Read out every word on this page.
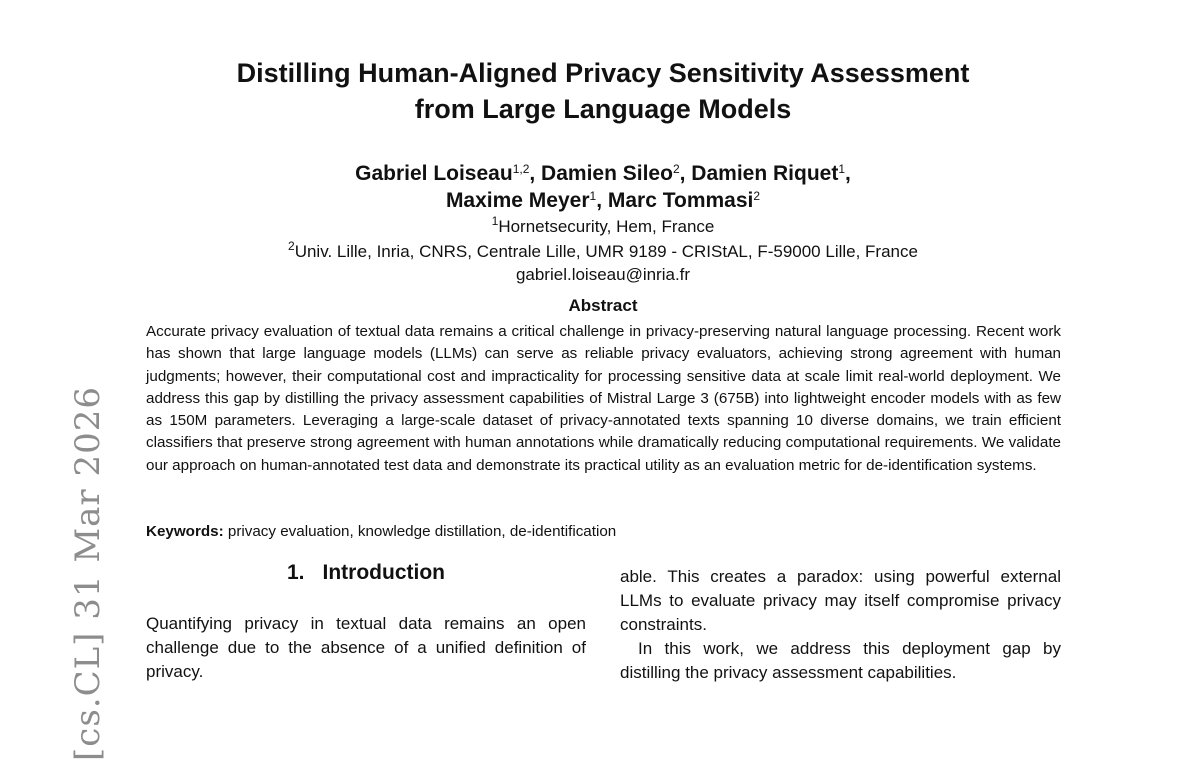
[cs.CL] 31 Mar 2026
Distilling Human-Aligned Privacy Sensitivity Assessment
from Large Language Models
Gabriel Loiseau$^{1,2}$, Damien Sileo$^2$, Damien Riquet$^1$,
Maxime Meyer$^1$, Marc Tommasi$^2$
$^1$Hornetsecurity, Hem, France
$^2$Univ. Lille, Inria, CNRS, Centrale Lille, UMR 9189 - CRIStAL, F-59000 Lille, France
gabriel.loiseau@inria.fr
Abstract

Accurate privacy evaluation of textual data remains a critical challenge in privacy-preserving natural language processing. Recent work has shown that large language models (LLMs) can serve as reliable privacy evaluators, achieving strong agreement with human judgments; however, their computational cost and impracticality for processing sensitive data at scale limit real-world deployment. We address this gap by distilling the privacy assessment capabilities of Mistral Large 3 (675B) into lightweight encoder models with as few as 150M parameters. Leveraging a large-scale dataset of privacy-annotated texts spanning 10 diverse domains, we train efficient classifiers that preserve strong agreement with human annotations while dramatically reducing computational requirements. We validate our approach on human-annotated test data and demonstrate its practical utility as an evaluation metric for de-identification systems.

Keywords: privacy evaluation, knowledge distillation, de-identification

1. Introduction

Quantifying privacy in textual data remains an open challenge due to the absence of a unified definition of privacy.

able. This creates a paradox: using powerful external LLMs to evaluate privacy may itself compromise privacy constraints.
In this work, we address this deployment gap by distilling the privacy assessment capabilities.
